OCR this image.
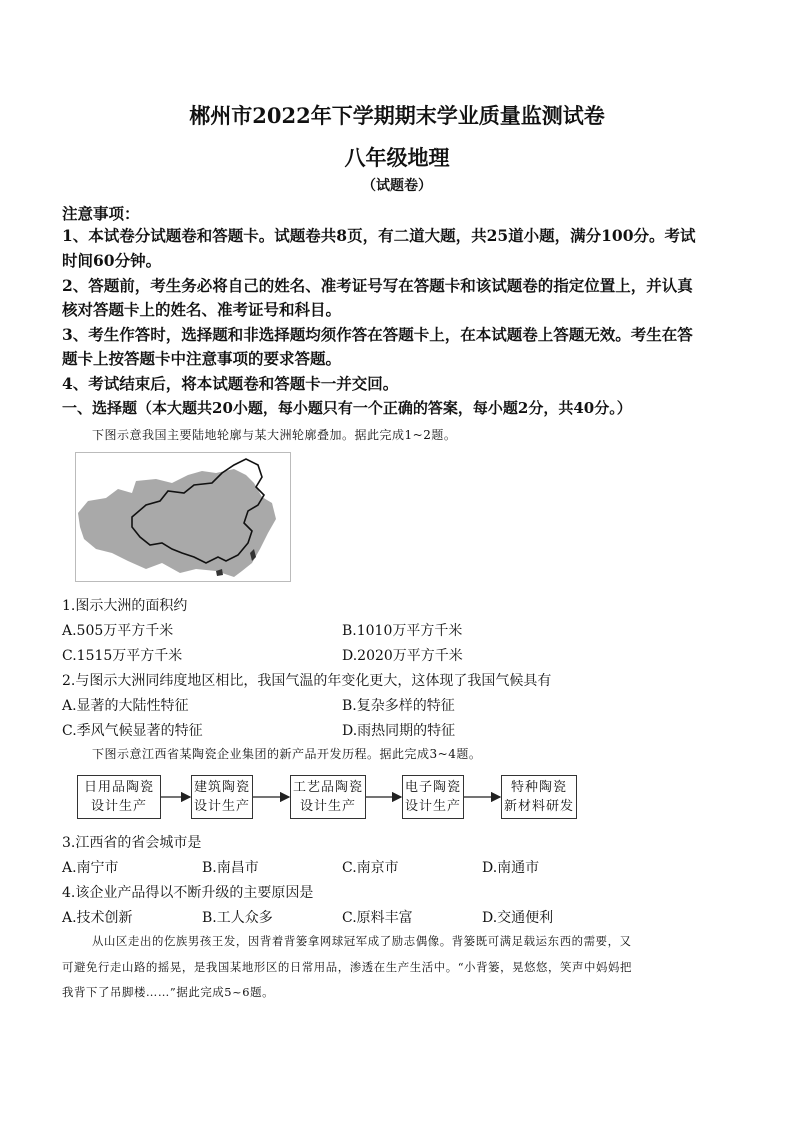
郴州市2022年下学期期末学业质量监测试卷
八年级地理
（试题卷）
注意事项：
1、本试卷分试题卷和答题卡。试题卷共8页，有二道大题，共25道小题，满分100分。考试
时间60分钟。
2、答题前，考生务必将自己的姓名、准考证号写在答题卡和该试题卷的指定位置上，并认真
核对答题卡上的姓名、准考证号和科目。
3、考生作答时，选择题和非选择题均须作答在答题卡上，在本试题卷上答题无效。考生在答
题卡上按答题卡中注意事项的要求答题。
4、考试结束后，将本试题卷和答题卡一并交回。
一、选择题（本大题共20小题，每小题只有一个正确的答案，每小题2分，共40分。）
下图示意我国主要陆地轮廓与某大洲轮廓叠加。据此完成1~2题。
1.图示大洲的面积约
A.505万平方千米	B.1010万平方千米
C.1515万平方千米	D.2020万平方千米
2.与图示大洲同纬度地区相比，我国气温的年变化更大，这体现了我国气候具有
A.显著的大陆性特征	B.复杂多样的特征
C.季风气候显著的特征	D.雨热同期的特征
下图示意江西省某陶瓷企业集团的新产品开发历程。据此完成3~4题。
日用品陶瓷
设计生产
建筑陶瓷
设计生产
工艺品陶瓷
设计生产
电子陶瓷
设计生产
特种陶瓷
新材料研发
3.江西省的省会城市是
A.南宁市	B.南昌市	C.南京市	D.南通市
4.该企业产品得以不断升级的主要原因是
A.技术创新	B.工人众多	C.原料丰富	D.交通便利
从山区走出的仡族男孩王发，因背着背篓拿网球冠军成了励志偶像。背篓既可满足载运东西的需要，又
可避免行走山路的摇晃，是我国某地形区的日常用品，渗透在生产生活中。“小背篓，晃悠悠，笑声中妈妈把
我背下了吊脚楼……”据此完成5~6题。
